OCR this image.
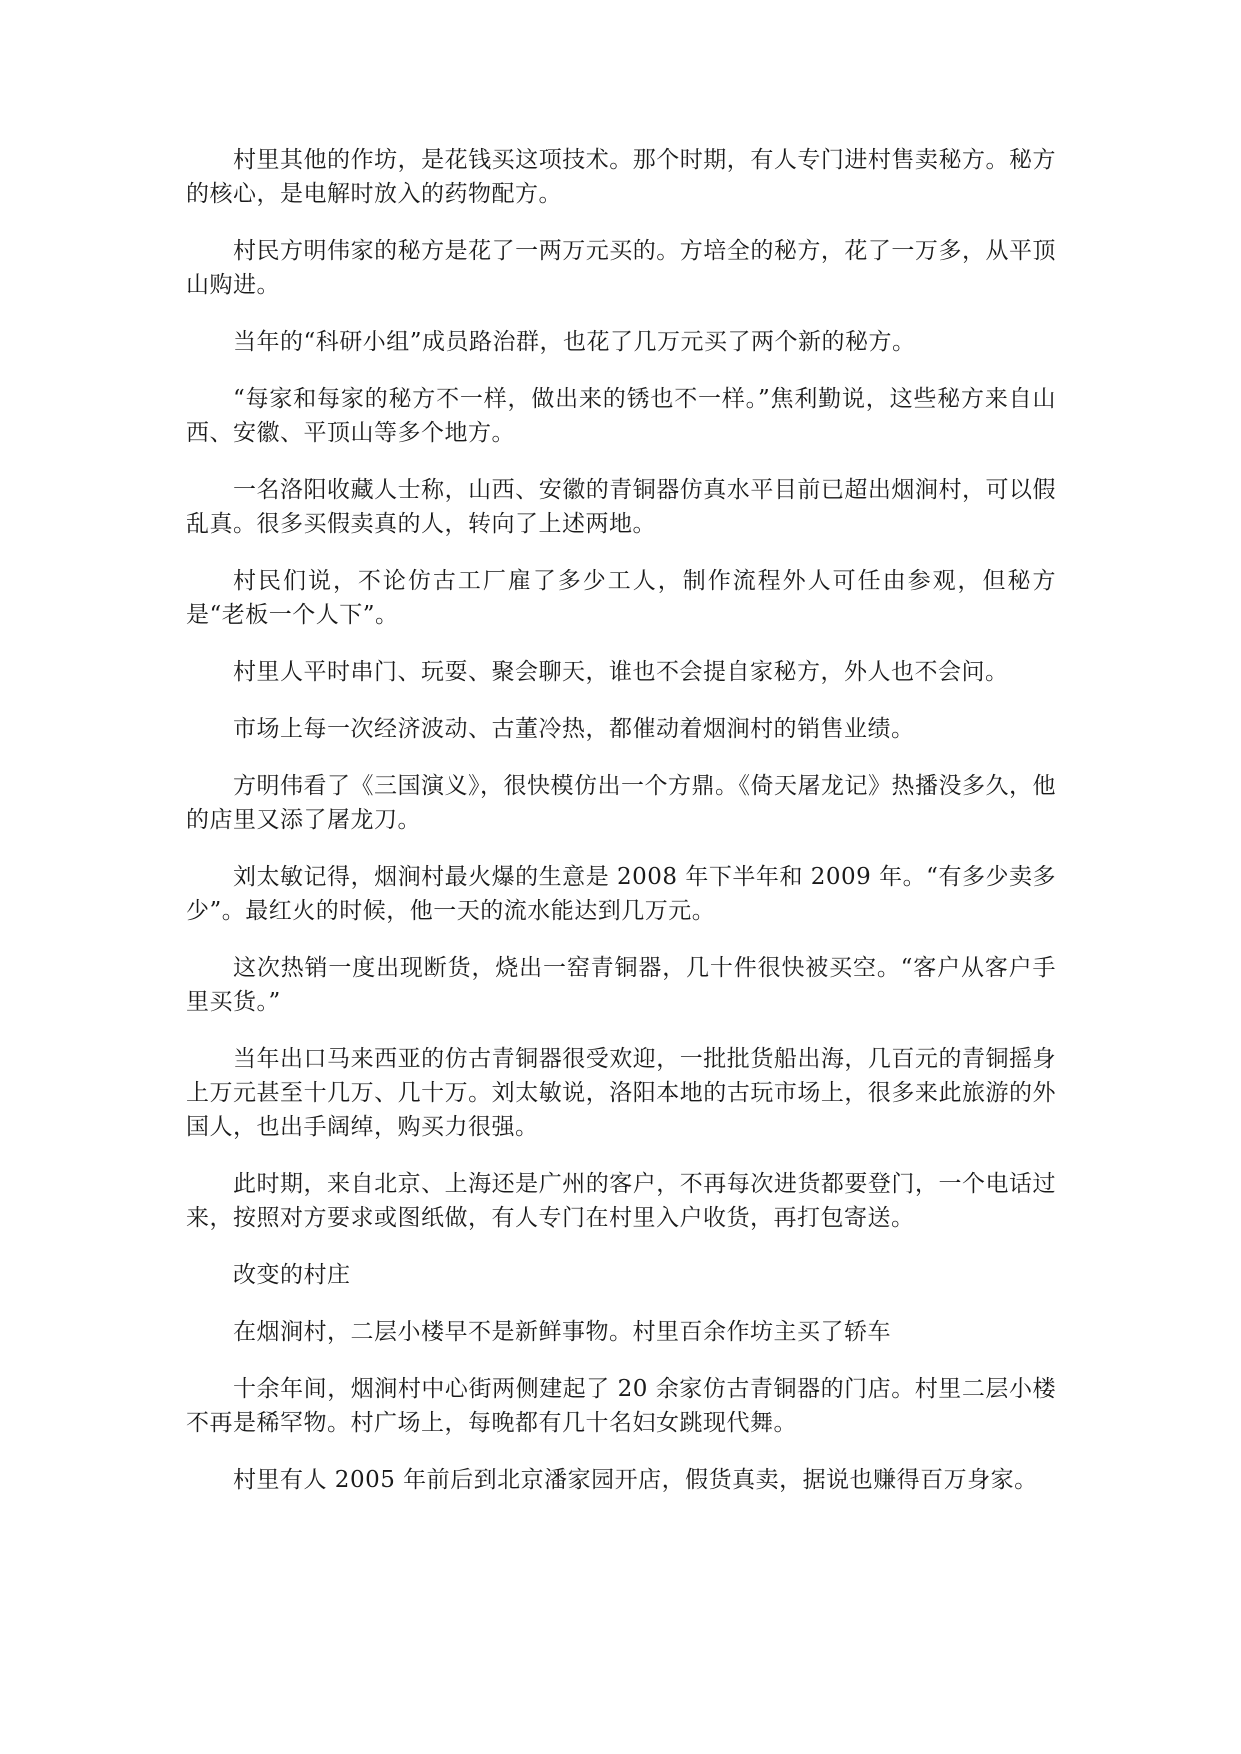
村里其他的作坊，是花钱买这项技术。那个时期，有人专门进村售卖秘方。秘方的核心，是电解时放入的药物配方。

村民方明伟家的秘方是花了一两万元买的。方培全的秘方，花了一万多，从平顶山购进。

当年的“科研小组”成员路治群，也花了几万元买了两个新的秘方。

“每家和每家的秘方不一样，做出来的锈也不一样。”焦利勤说，这些秘方来自山西、安徽、平顶山等多个地方。

一名洛阳收藏人士称，山西、安徽的青铜器仿真水平目前已超出烟涧村，可以假乱真。很多买假卖真的人，转向了上述两地。

村民们说，不论仿古工厂雇了多少工人，制作流程外人可任由参观，但秘方是“老板一个人下”。

村里人平时串门、玩耍、聚会聊天，谁也不会提自家秘方，外人也不会问。

市场上每一次经济波动、古董冷热，都催动着烟涧村的销售业绩。

方明伟看了《三国演义》，很快模仿出一个方鼎。《倚天屠龙记》热播没多久，他的店里又添了屠龙刀。

刘太敏记得，烟涧村最火爆的生意是 2008 年下半年和 2009 年。“有多少卖多少”。最红火的时候，他一天的流水能达到几万元。

这次热销一度出现断货，烧出一窑青铜器，几十件很快被买空。“客户从客户手里买货。”

当年出口马来西亚的仿古青铜器很受欢迎，一批批货船出海，几百元的青铜摇身上万元甚至十几万、几十万。刘太敏说，洛阳本地的古玩市场上，很多来此旅游的外国人，也出手阔绰，购买力很强。

此时期，来自北京、上海还是广州的客户，不再每次进货都要登门，一个电话过来，按照对方要求或图纸做，有人专门在村里入户收货，再打包寄送。

改变的村庄

在烟涧村，二层小楼早不是新鲜事物。村里百余作坊主买了轿车

十余年间，烟涧村中心街两侧建起了 20 余家仿古青铜器的门店。村里二层小楼不再是稀罕物。村广场上，每晚都有几十名妇女跳现代舞。

村里有人 2005 年前后到北京潘家园开店，假货真卖，据说也赚得百万身家。
